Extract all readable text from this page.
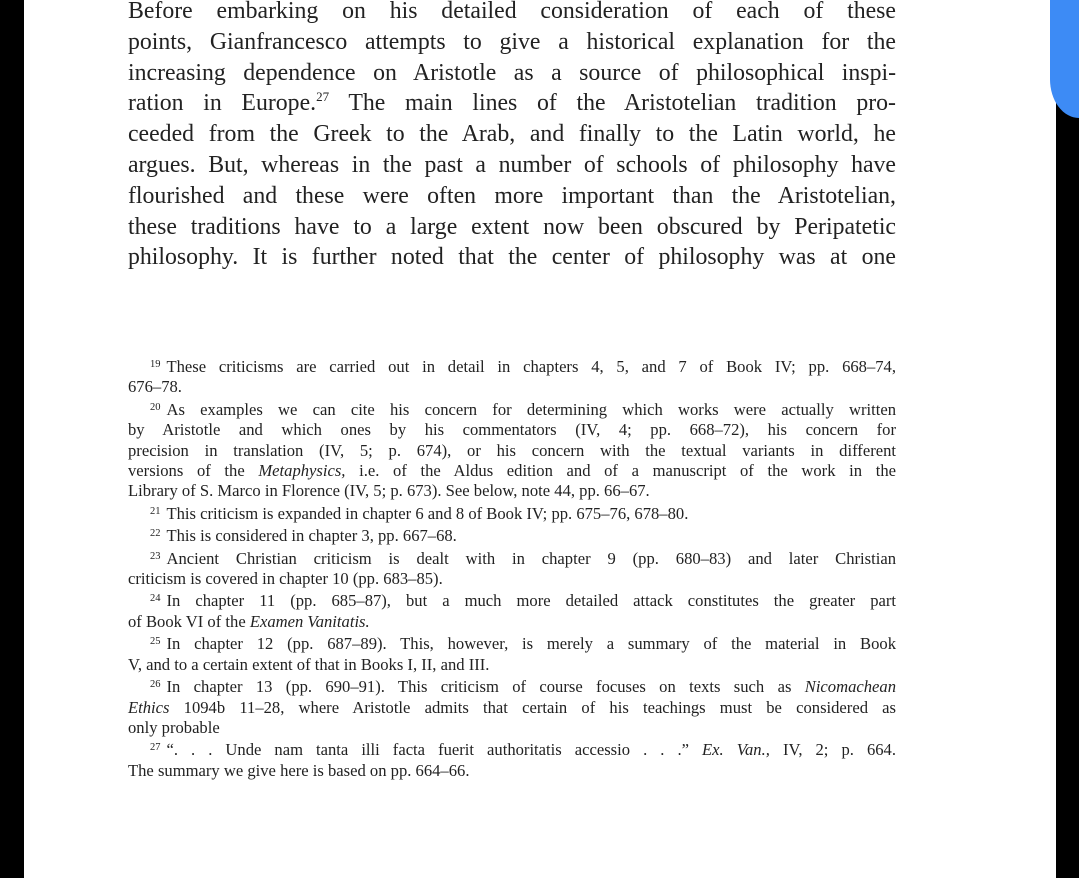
Before embarking on his detailed consideration of each of these
points, Gianfrancesco attempts to give a historical explanation for the
increasing dependence on Aristotle as a source of philosophical inspi-
ration in Europe.$^{27}$ The main lines of the Aristotelian tradition pro-
ceeded from the Greek to the Arab, and finally to the Latin world, he
argues. But, whereas in the past a number of schools of philosophy have
flourished and these were often more important than the Aristotelian,
these traditions have to a large extent now been obscured by Peripatetic
philosophy. It is further noted that the center of philosophy was at one
$^{19}$ These criticisms are carried out in detail in chapters 4, 5, and 7 of Book IV; pp. 668–74,
676–78.
$^{20}$ As examples we can cite his concern for determining which works were actually written
by Aristotle and which ones by his commentators (IV, 4; pp. 668–72), his concern for
precision in translation (IV, 5; p. 674), or his concern with the textual variants in different
versions of the Metaphysics, i.e. of the Aldus edition and of a manuscript of the work in the
Library of S. Marco in Florence (IV, 5; p. 673). See below, note 44, pp. 66–67.
$^{21}$ This criticism is expanded in chapter 6 and 8 of Book IV; pp. 675–76, 678–80.
$^{22}$ This is considered in chapter 3, pp. 667–68.
$^{23}$ Ancient Christian criticism is dealt with in chapter 9 (pp. 680–83) and later Christian
criticism is covered in chapter 10 (pp. 683–85).
$^{24}$ In chapter 11 (pp. 685–87), but a much more detailed attack constitutes the greater part
of Book VI of the Examen Vanitatis.
$^{25}$ In chapter 12 (pp. 687–89). This, however, is merely a summary of the material in Book
V, and to a certain extent of that in Books I, II, and III.
$^{26}$ In chapter 13 (pp. 690–91). This criticism of course focuses on texts such as Nicomachean
Ethics 1094b 11–28, where Aristotle admits that certain of his teachings must be considered as
only probable
$^{27}$ “. . . Unde nam tanta illi facta fuerit authoritatis accessio . . .” Ex. Van., IV, 2; p. 664.
The summary we give here is based on pp. 664–66.
